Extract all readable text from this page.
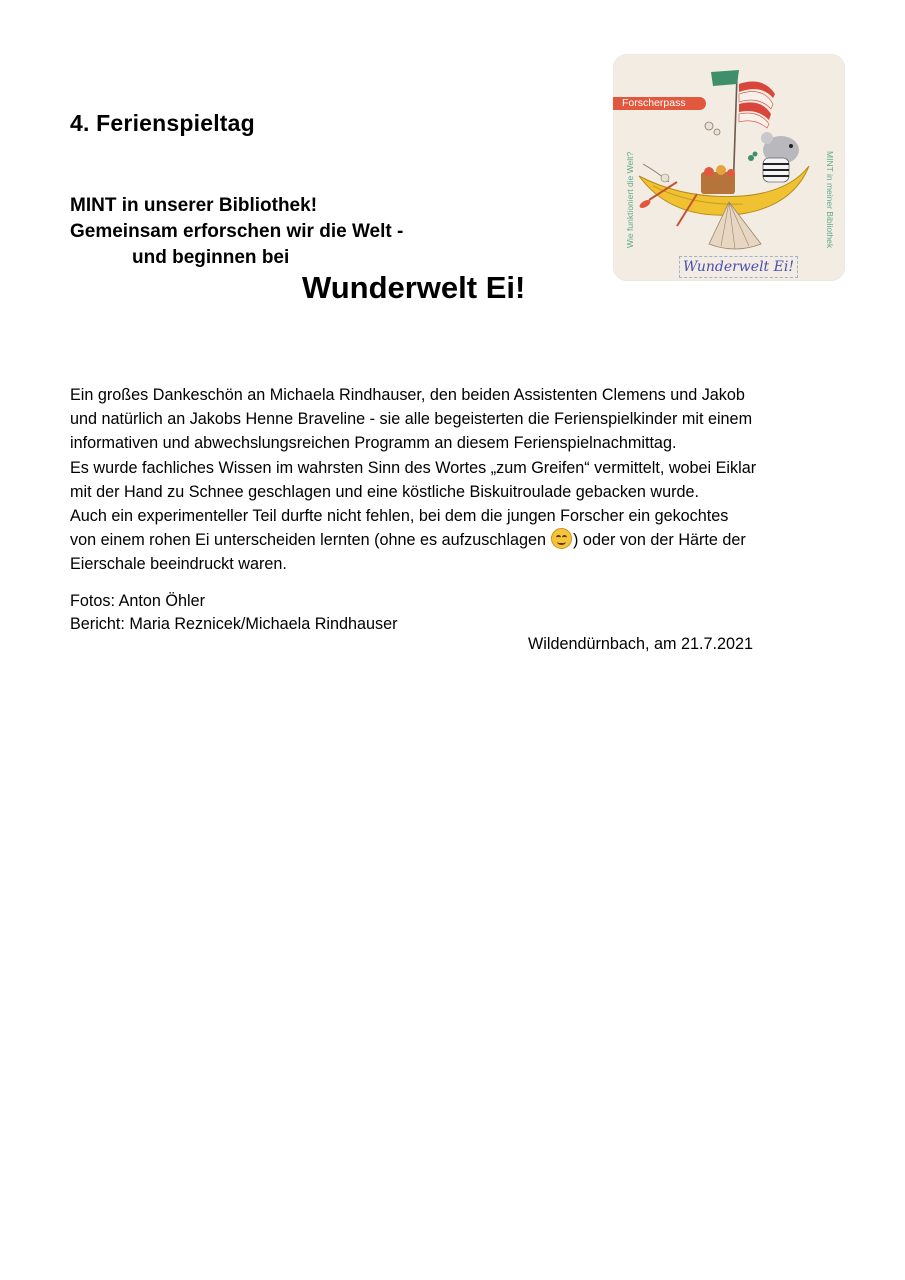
4. Ferienspieltag
MINT in unserer Bibliothek!
Gemeinsam erforschen wir die Welt -
und beginnen bei
Wunderwelt Ei!
Forscherpass
Wie funktioniert die Welt?	MINT in meiner Bibliothek
Wunderwelt Ei!

Ein großes Dankeschön an Michaela Rindhauser, den beiden Assistenten Clemens und Jakob

und natürlich an Jakobs Henne Braveline - sie alle begeisterten die Ferienspielkinder mit einem

informativen und abwechslungsreichen Programm an diesem Ferienspielnachmittag.

Es wurde fachliches Wissen im wahrsten Sinn des Wortes „zum Greifen“ vermittelt, wobei Eiklar

mit der Hand zu Schnee geschlagen und eine köstliche Biskuitroulade gebacken wurde.

Auch ein experimenteller Teil durfte nicht fehlen, bei dem die jungen Forscher ein gekochtes

von einem rohen Ei unterscheiden lernten (ohne es aufzuschlagen ) oder von der Härte der

Eierschale beeindruckt waren.

Fotos: Anton Öhler
Bericht: Maria Reznicek/Michaela Rindhauser
Wildendürnbach, am 21.7.2021
